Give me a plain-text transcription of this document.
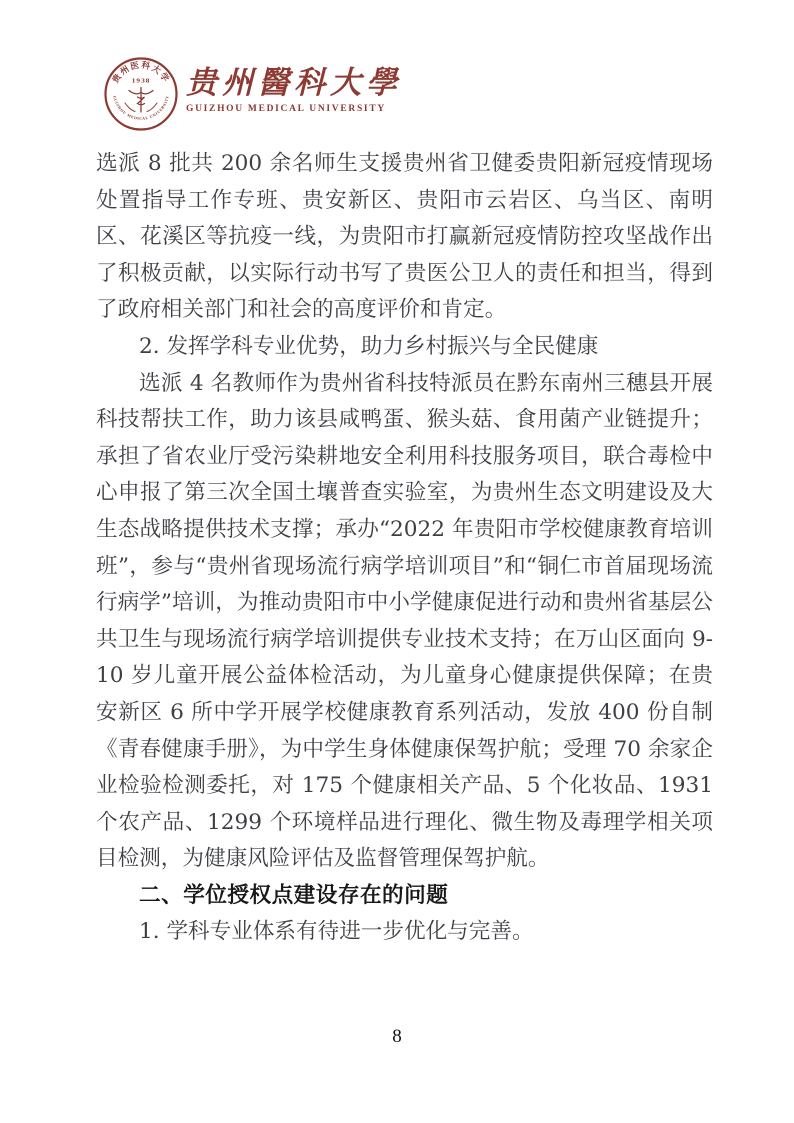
贵州医科大学
1938
GUIZHOU MEDICAL UNIVERSITY 贵州醫科大學
GUIZHOU MEDICAL UNIVERSITY

选派 8 批共 200 余名师生支援贵州省卫健委贵阳新冠疫情现场处置指导工作专班、贵安新区、贵阳市云岩区、乌当区、南明区、花溪区等抗疫一线，为贵阳市打赢新冠疫情防控攻坚战作出了积极贡献，以实际行动书写了贵医公卫人的责任和担当，得到了政府相关部门和社会的高度评价和肯定。

2. 发挥学科专业优势，助力乡村振兴与全民健康

选派 4 名教师作为贵州省科技特派员在黔东南州三穗县开展科技帮扶工作，助力该县咸鸭蛋、猴头菇、食用菌产业链提升；承担了省农业厅受污染耕地安全利用科技服务项目，联合毒检中心申报了第三次全国土壤普查实验室，为贵州生态文明建设及大生态战略提供技术支撑；承办“2022 年贵阳市学校健康教育培训班”，参与“贵州省现场流行病学培训项目”和“铜仁市首届现场流行病学”培训，为推动贵阳市中小学健康促进行动和贵州省基层公共卫生与现场流行病学培训提供专业技术支持；在万山区面向 9-10 岁儿童开展公益体检活动，为儿童身心健康提供保障；在贵安新区 6 所中学开展学校健康教育系列活动，发放 400 份自制《青春健康手册》，为中学生身体健康保驾护航；受理 70 余家企业检验检测委托，对 175 个健康相关产品、5 个化妆品、1931 个农产品、1299 个环境样品进行理化、微生物及毒理学相关项目检测，为健康风险评估及监督管理保驾护航。

二、学位授权点建设存在的问题

1. 学科专业体系有待进一步优化与完善。

8
